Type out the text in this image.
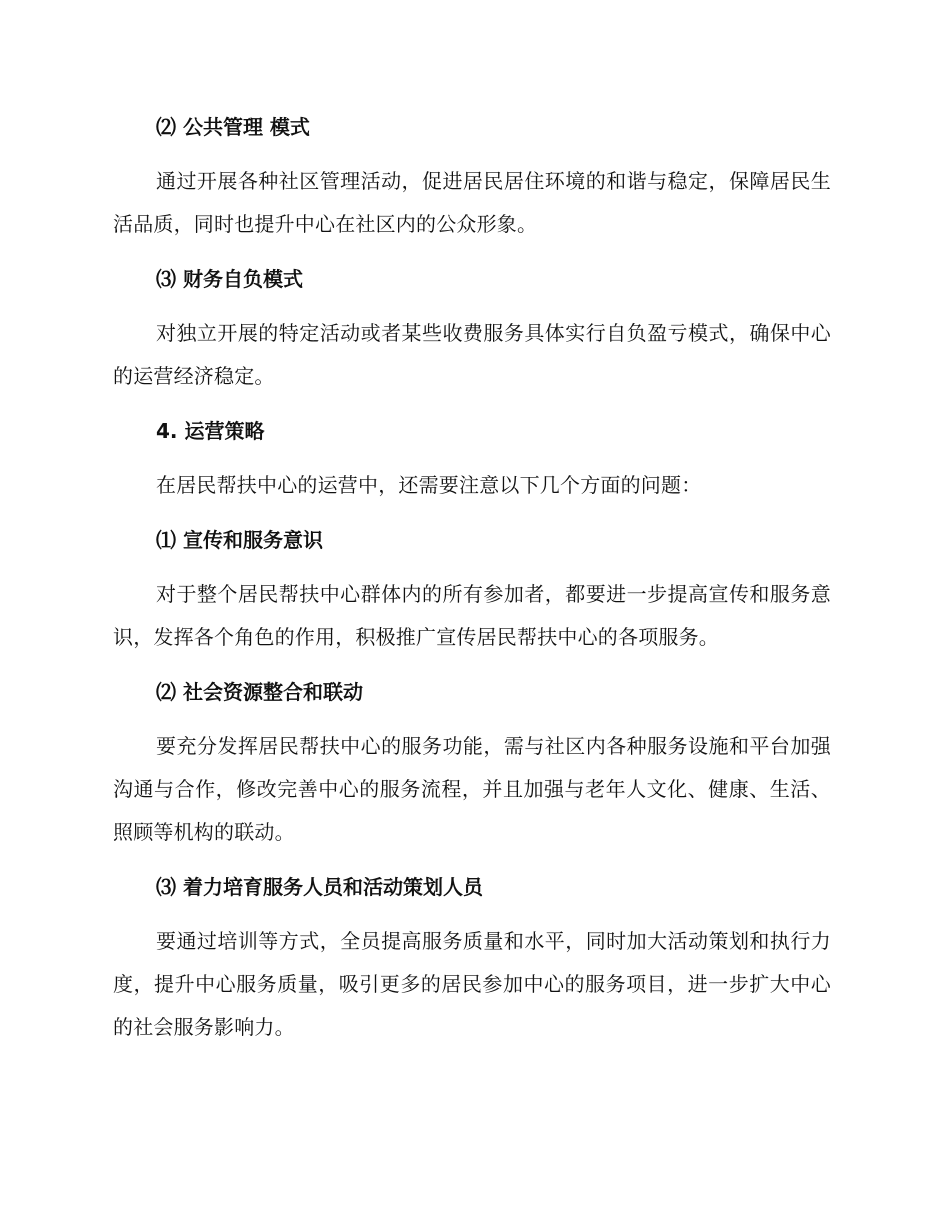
⑵ 公共管理 模式

通过开展各种社区管理活动，促进居民居住环境的和谐与稳定，保障居民生活品质，同时也提升中心在社区内的公众形象。

⑶ 财务自负模式

对独立开展的特定活动或者某些收费服务具体实行自负盈亏模式，确保中心的运营经济稳定。

4. 运营策略

在居民帮扶中心的运营中，还需要注意以下几个方面的问题：

⑴ 宣传和服务意识

对于整个居民帮扶中心群体内的所有参加者，都要进一步提高宣传和服务意识，发挥各个角色的作用，积极推广宣传居民帮扶中心的各项服务。

⑵ 社会资源整合和联动

要充分发挥居民帮扶中心的服务功能，需与社区内各种服务设施和平台加强沟通与合作，修改完善中心的服务流程，并且加强与老年人文化、健康、生活、照顾等机构的联动。

⑶ 着力培育服务人员和活动策划人员

要通过培训等方式，全员提高服务质量和水平，同时加大活动策划和执行力度，提升中心服务质量，吸引更多的居民参加中心的服务项目，进一步扩大中心的社会服务影响力。
